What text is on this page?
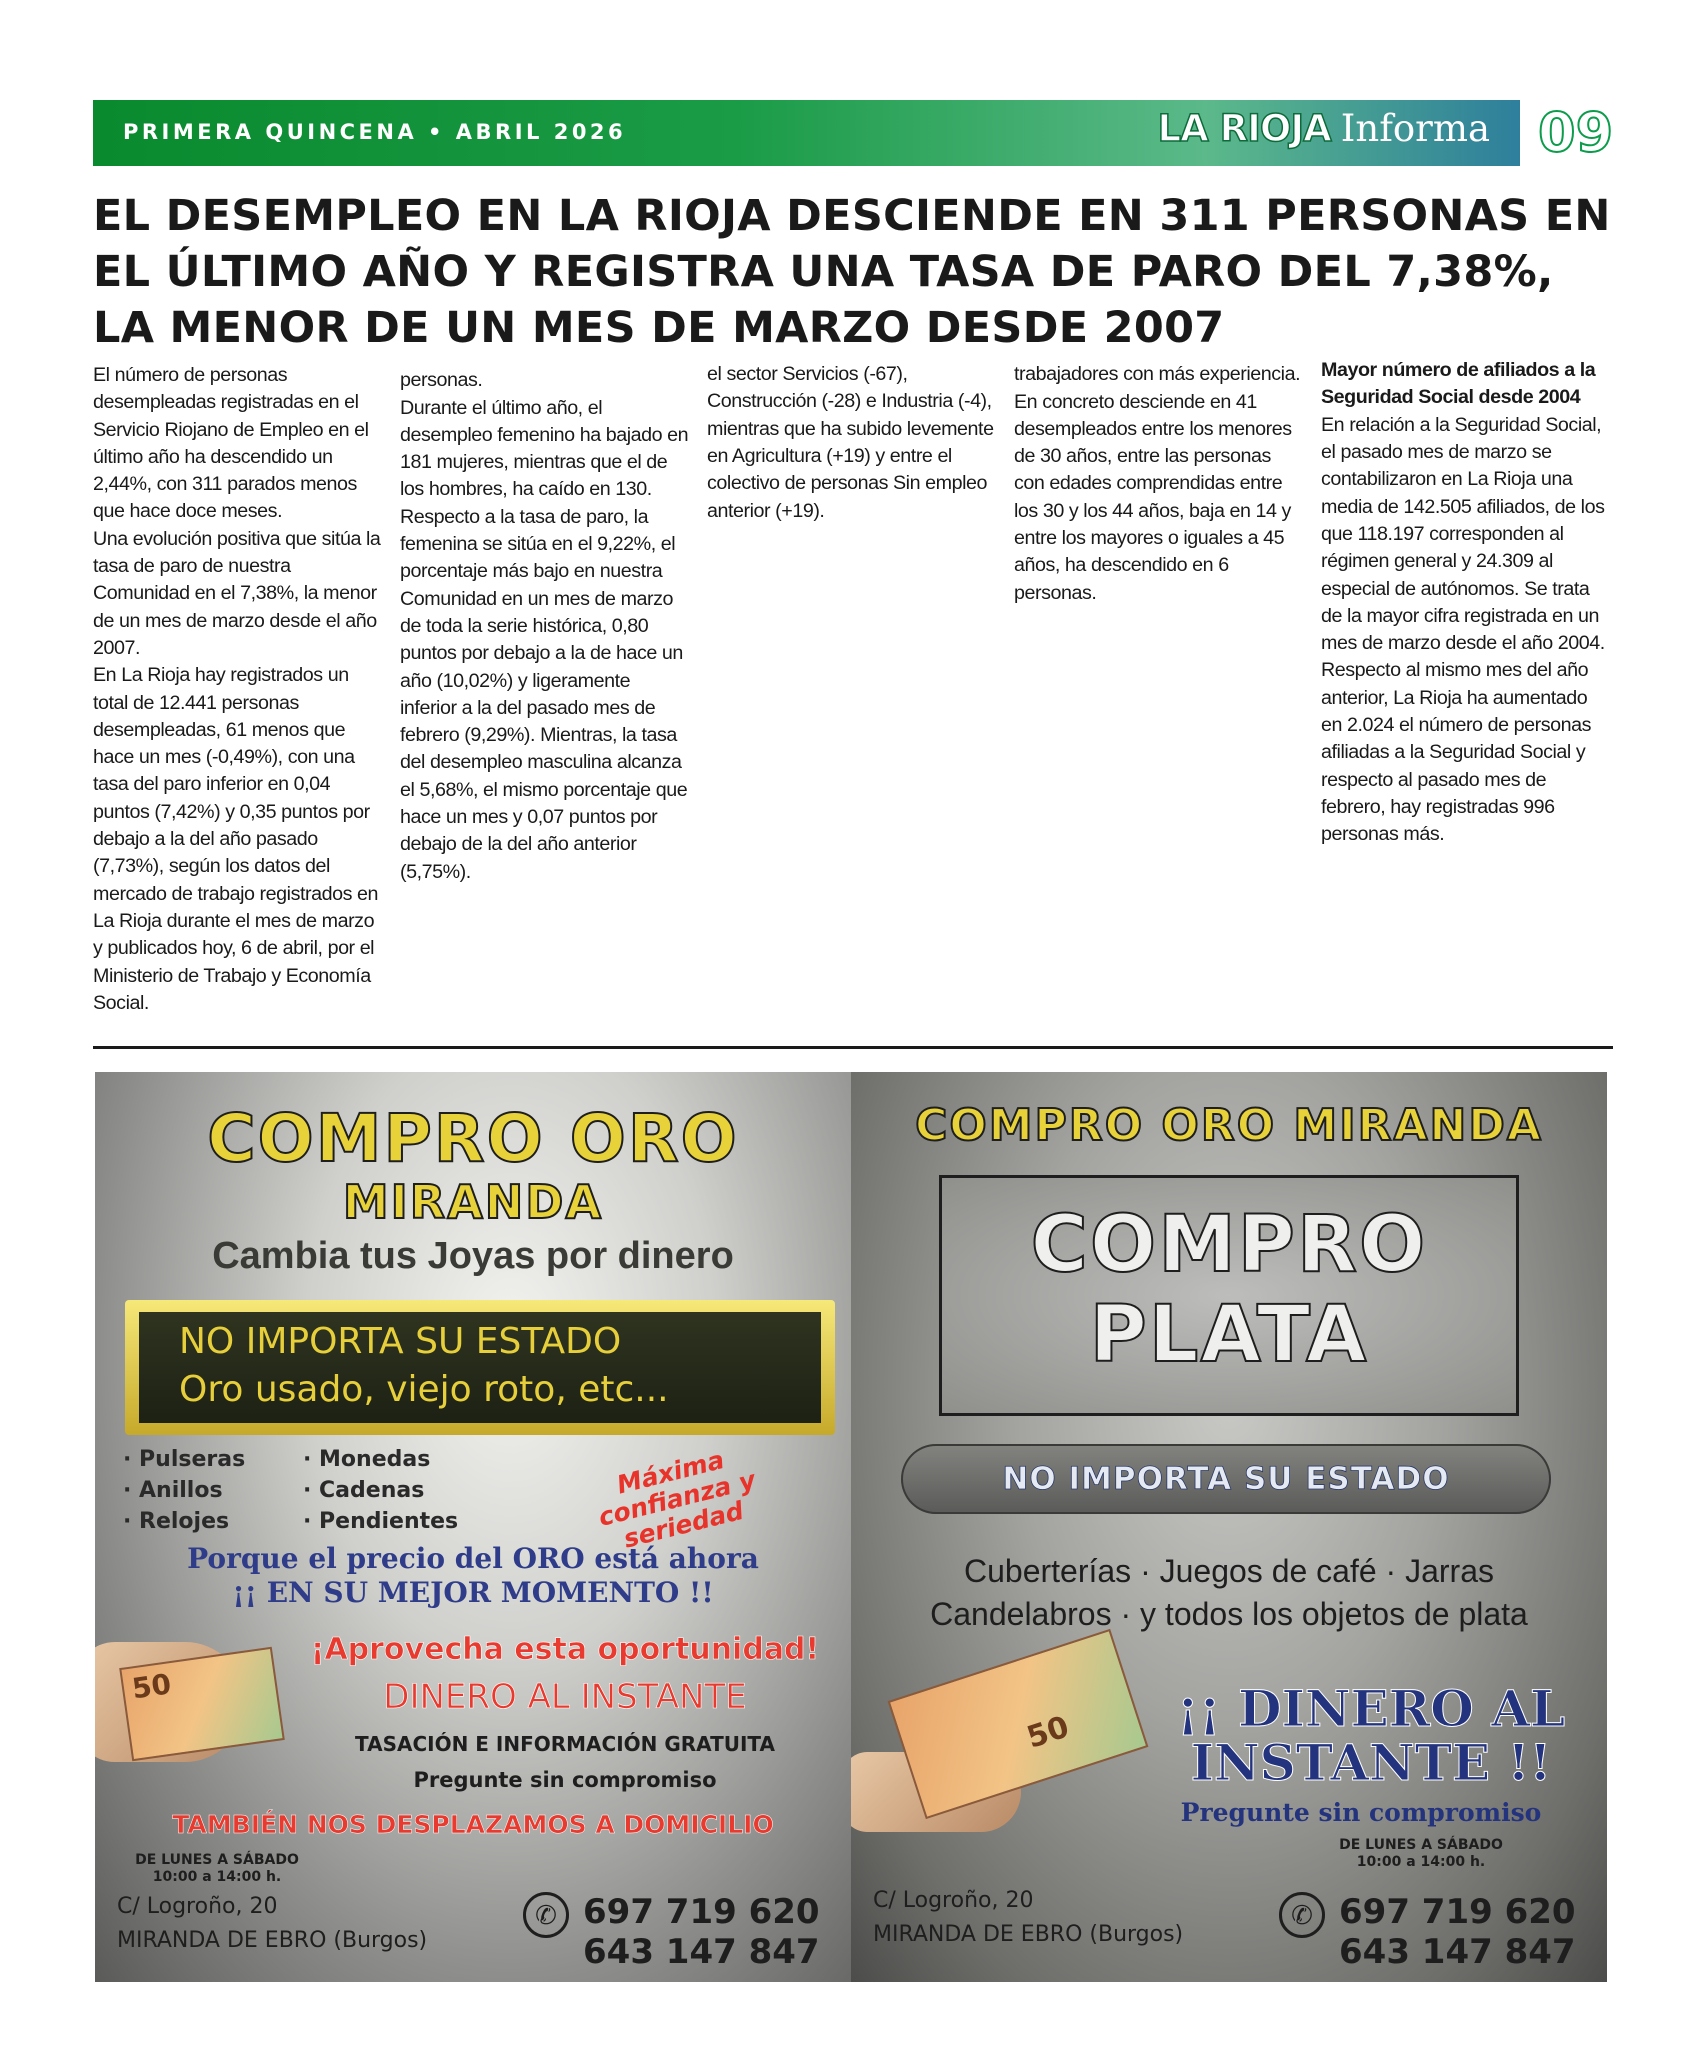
PRIMERA QUINCENA • ABRIL 2026	LA RIOJA Informa 09
EL DESEMPLEO EN LA RIOJA DESCIENDE EN 311 PERSONAS EN EL ÚLTIMO AÑO Y REGISTRA UNA TASA DE PARO DEL 7,38%, LA MENOR DE UN MES DE MARZO DESDE 2007

El número de personas desempleadas registradas en el Servicio Riojano de Empleo en el último año ha descendido un 2,44%, con 311 parados menos que hace doce meses.

Una evolución positiva que sitúa la tasa de paro de nuestra Comunidad en el 7,38%, la menor de un mes de marzo desde el año 2007.

En La Rioja hay registrados un total de 12.441 personas desempleadas, 61 menos que hace un mes (-0,49%), con una tasa del paro inferior en 0,04 puntos (7,42%) y 0,35 puntos por debajo a la del año pasado (7,73%), según los datos del mercado de trabajo registrados en La Rioja durante el mes de marzo y publicados hoy, 6 de abril, por el Ministerio de Trabajo y Economía Social.

personas.

Durante el último año, el desempleo femenino ha bajado en 181 mujeres, mientras que el de los hombres, ha caído en 130.

Respecto a la tasa de paro, la femenina se sitúa en el 9,22%, el porcentaje más bajo en nuestra Comunidad en un mes de marzo de toda la serie histórica, 0,80 puntos por debajo a la de hace un año (10,02%) y ligeramente inferior a la del pasado mes de febrero (9,29%). Mientras, la tasa del desempleo masculina alcanza el 5,68%, el mismo porcentaje que hace un mes y 0,07 puntos por debajo de la del año anterior (5,75%).

el sector Servicios (-67), Construcción (-28) e Industria (-4), mientras que ha subido levemente en Agricultura (+19) y entre el colectivo de personas Sin empleo anterior (+19).

trabajadores con más experiencia. En concreto desciende en 41 desempleados entre los menores de 30 años, entre las personas con edades comprendidas entre los 30 y los 44 años, baja en 14 y entre los mayores o iguales a 45 años, ha descendido en 6 personas.

Mayor número de afiliados a la Seguridad Social desde 2004

En relación a la Seguridad Social, el pasado mes de marzo se contabilizaron en La Rioja una media de 142.505 afiliados, de los que 118.197 corresponden al régimen general y 24.309 al especial de autónomos. Se trata de la mayor cifra registrada en un mes de marzo desde el año 2004. Respecto al mismo mes del año anterior, La Rioja ha aumentado en 2.024 el número de personas afiliadas a la Seguridad Social y respecto al pasado mes de febrero, hay registradas 996 personas más.

COMPRO ORO
MIRANDA
Cambia tus Joyas por dinero
NO IMPORTA SU ESTADO
Oro usado, viejo roto, etc...
· Pulseras
· Anillos
· Relojes
· Monedas
· Cadenas
· Pendientes
Máxima confianza y seriedad
Porque el precio del ORO está ahora
¡¡ EN SU MEJOR MOMENTO !!
50
¡Aprovecha esta oportunidad!
DINERO AL INSTANTE
TASACIÓN E INFORMACIÓN GRATUITA
Pregunte sin compromiso
TAMBIÉN NOS DESPLAZAMOS A DOMICILIO
DE LUNES A SÁBADO
10:00 a 14:00 h.
C/ Logroño, 20
MIRANDA DE EBRO (Burgos)
✆ 697 719 620
643 147 847
COMPRO ORO MIRANDA
COMPRO
PLATA
NO IMPORTA SU ESTADO
Cuberterías · Juegos de café · Jarras
Candelabros · y todos los objetos de plata
50	¡¡ DINERO AL
INSTANTE !!
Pregunte sin compromiso
DE LUNES A SÁBADO
10:00 a 14:00 h.
C/ Logroño, 20
MIRANDA DE EBRO (Burgos)
✆ 697 719 620
643 147 847
